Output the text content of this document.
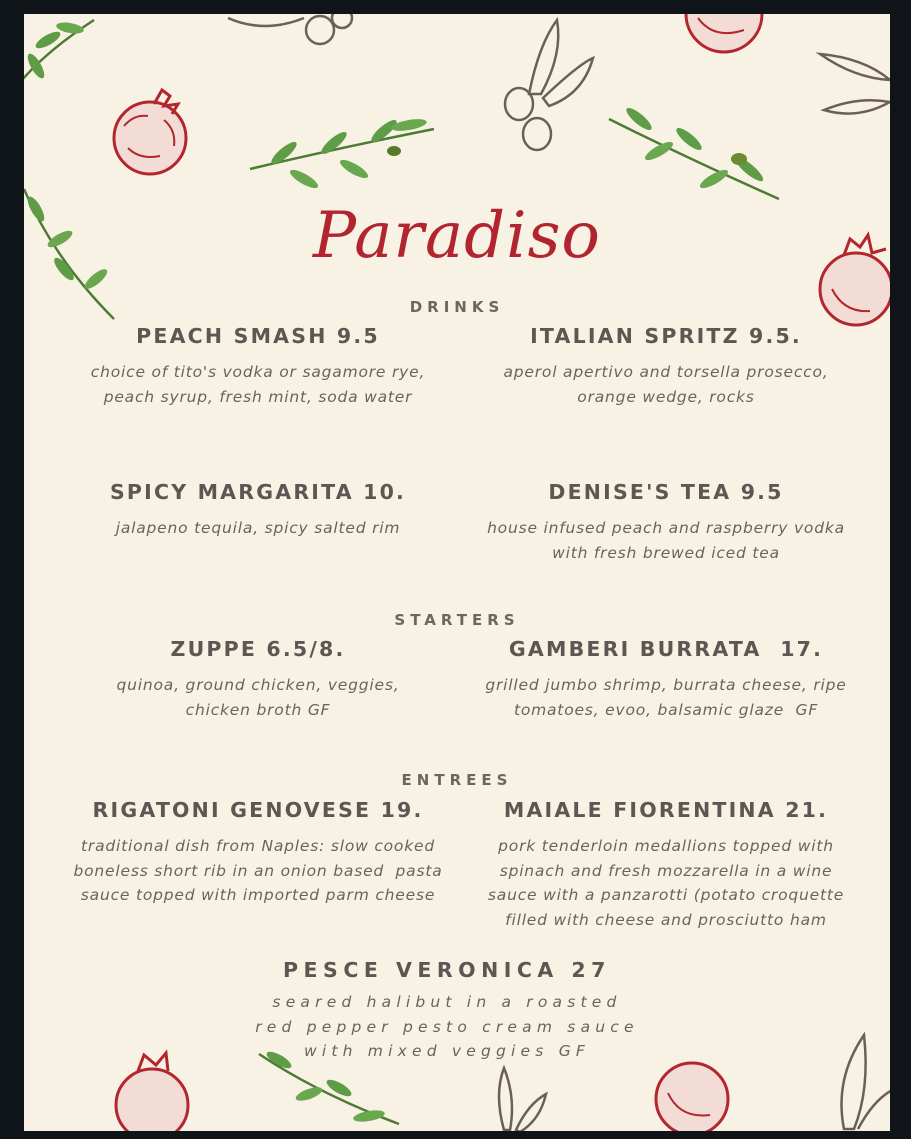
Paradiso
DRINKS
PEACH SMASH 9.5
choice of tito's vodka or sagamore rye,
peach syrup, fresh mint, soda water
ITALIAN SPRITZ 9.5.
aperol apertivo and torsella prosecco,
orange wedge, rocks
SPICY MARGARITA 10.
jalapeno tequila, spicy salted rim
DENISE'S TEA 9.5
house infused peach and raspberry vodka
with fresh brewed iced tea
STARTERS
ZUPPE 6.5/8.
quinoa, ground chicken, veggies,
chicken broth GF
GAMBERI BURRATA  17.
grilled jumbo shrimp, burrata cheese, ripe
tomatoes, evoo, balsamic glaze  GF
ENTREES
RIGATONI GENOVESE 19.
traditional dish from Naples: slow cooked
boneless short rib in an onion based  pasta
sauce topped with imported parm cheese
MAIALE FIORENTINA 21.
pork tenderloin medallions topped with
spinach and fresh mozzarella in a wine
sauce with a panzarotti (potato croquette
filled with cheese and prosciutto ham
PESCE VERONICA 27
seared halibut in a roasted
red pepper pesto cream sauce
with mixed veggies GF
